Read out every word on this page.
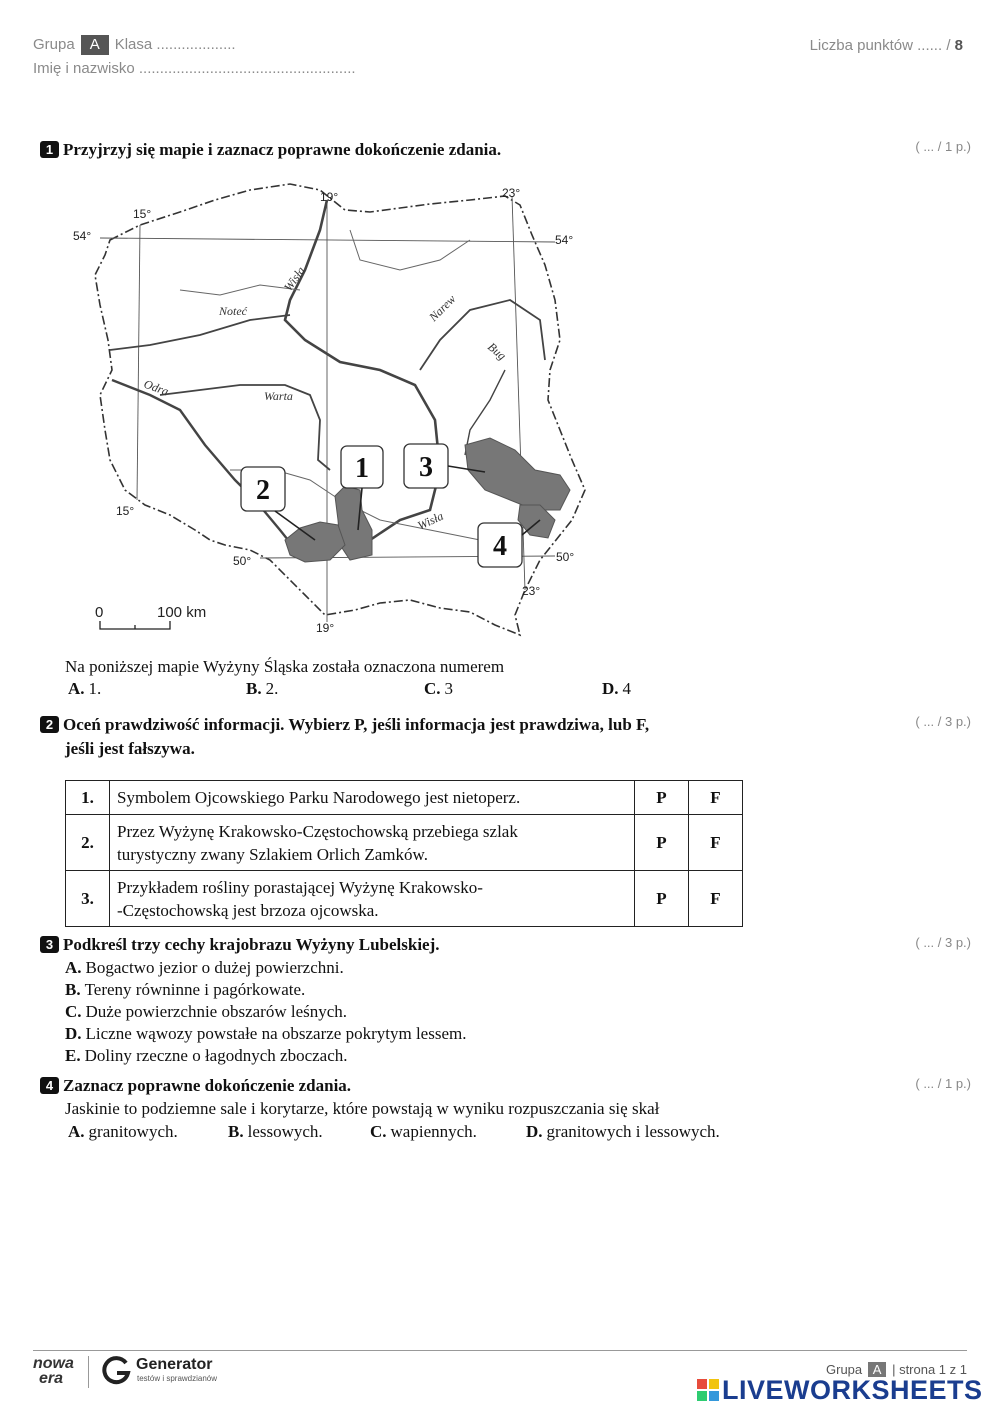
Grupa A Klasa ...................	Liczba punktów ...... / 8
Imię i nazwisko ....................................................
1 Przyjrzyj się mapie i zaznacz poprawne dokończenie zdania.	( ... / 1 p.)
15°
54°
19°	23°
54°
15°
50°	50°
23°
19°
0	100 km
Noteć
Wisła
Narew
Bug
Odra	Warta
Wisła
1
2
3
4
Na poniższej mapie Wyżyny Śląska została oznaczona numerem
A. 1.	B. 2.	C. 3	D. 4
2 Oceń prawdziwość informacji. Wybierz P, jeśli informacja jest prawdziwa, lub F,
jeśli jest fałszywa.
( ... / 3 p.)
1.	Symbolem Ojcowskiego Parku Narodowego jest nietoperz.	P	F
2.	Przez Wyżynę Krakowsko-Częstochowską przebiega szlak
turystyczny zwany Szlakiem Orlich Zamków.	P	F
3.	Przykładem rośliny porastającej Wyżynę Krakowsko-
-Częstochowską jest brzoza ojcowska.	P	F
3 Podkreśl trzy cechy krajobrazu Wyżyny Lubelskiej.	( ... / 3 p.)
A. Bogactwo jezior o dużej powierzchni.
B. Tereny równinne i pagórkowate.
C. Duże powierzchnie obszarów leśnych.
D. Liczne wąwozy powstałe na obszarze pokrytym lessem.
E. Doliny rzeczne o łagodnych zboczach.
4 Zaznacz poprawne dokończenie zdania.	( ... / 1 p.)
Jaskinie to podziemne sale i korytarze, które powstają w wyniku rozpuszczania się skał
A. granitowych.	B. lessowych.	C. wapiennych.	D. granitowych i lessowych.
nowa
era
Generator
testów i sprawdzianów
Grupa A | strona 1 z 1
LIVEWORKSHEETS
